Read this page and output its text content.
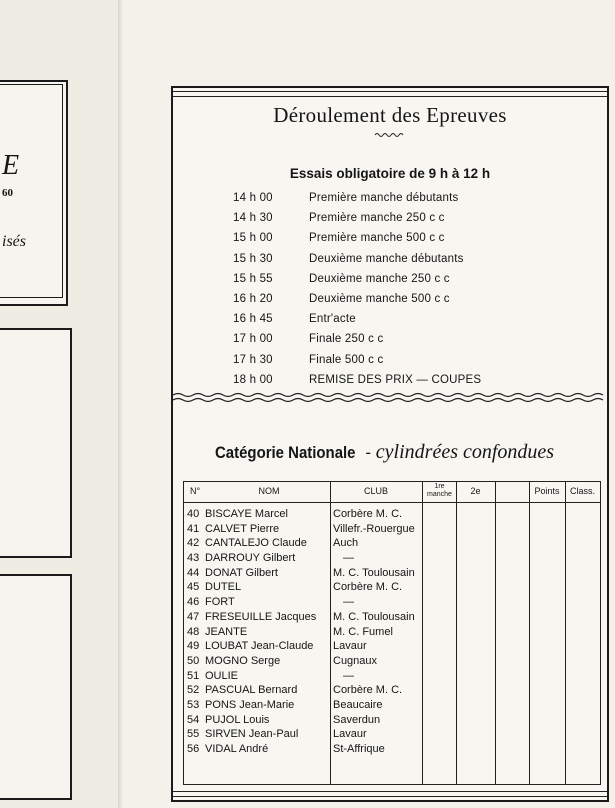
E
60
isés
Déroulement des Epreuves
Essais obligatoire de 9 h à 12 h
14 h 00	Première manche débutants
14 h 30	Première manche 250 c c
15 h 00	Première manche 500 c c
15 h 30	Deuxième manche débutants
15 h 55	Deuxième manche 250 c c
16 h 20	Deuxième manche 500 c c
16 h 45	Entr'acte
17 h 00	Finale 250 c c
17 h 30	Finale 500 c c
18 h 00	REMISE DES PRIX — COUPES
Catégorie Nationale - cylindrées confondues
N°	NOM	CLUB	1re manche	2e	Points	Class.
40 BISCAYE Marcel	Corbère M. C.
41 CALVET Pierre	Villefr.-Rouergue
42 CANTALEJO Claude	Auch
43 DARROUY Gilbert	—
44 DONAT Gilbert	M. C. Toulousain
45 DUTEL	Corbère M. C.
46 FORT	—
47 FRESEUILLE Jacques	M. C. Toulousain
48 JEANTE	M. C. Fumel
49 LOUBAT Jean-Claude	Lavaur
50 MOGNO Serge	Cugnaux
51 OULIE	—
52 PASCUAL Bernard	Corbère M. C.
53 PONS Jean-Marie	Beaucaire
54 PUJOL Louis	Saverdun
55 SIRVEN Jean-Paul	Lavaur
56 VIDAL André	St-Affrique
